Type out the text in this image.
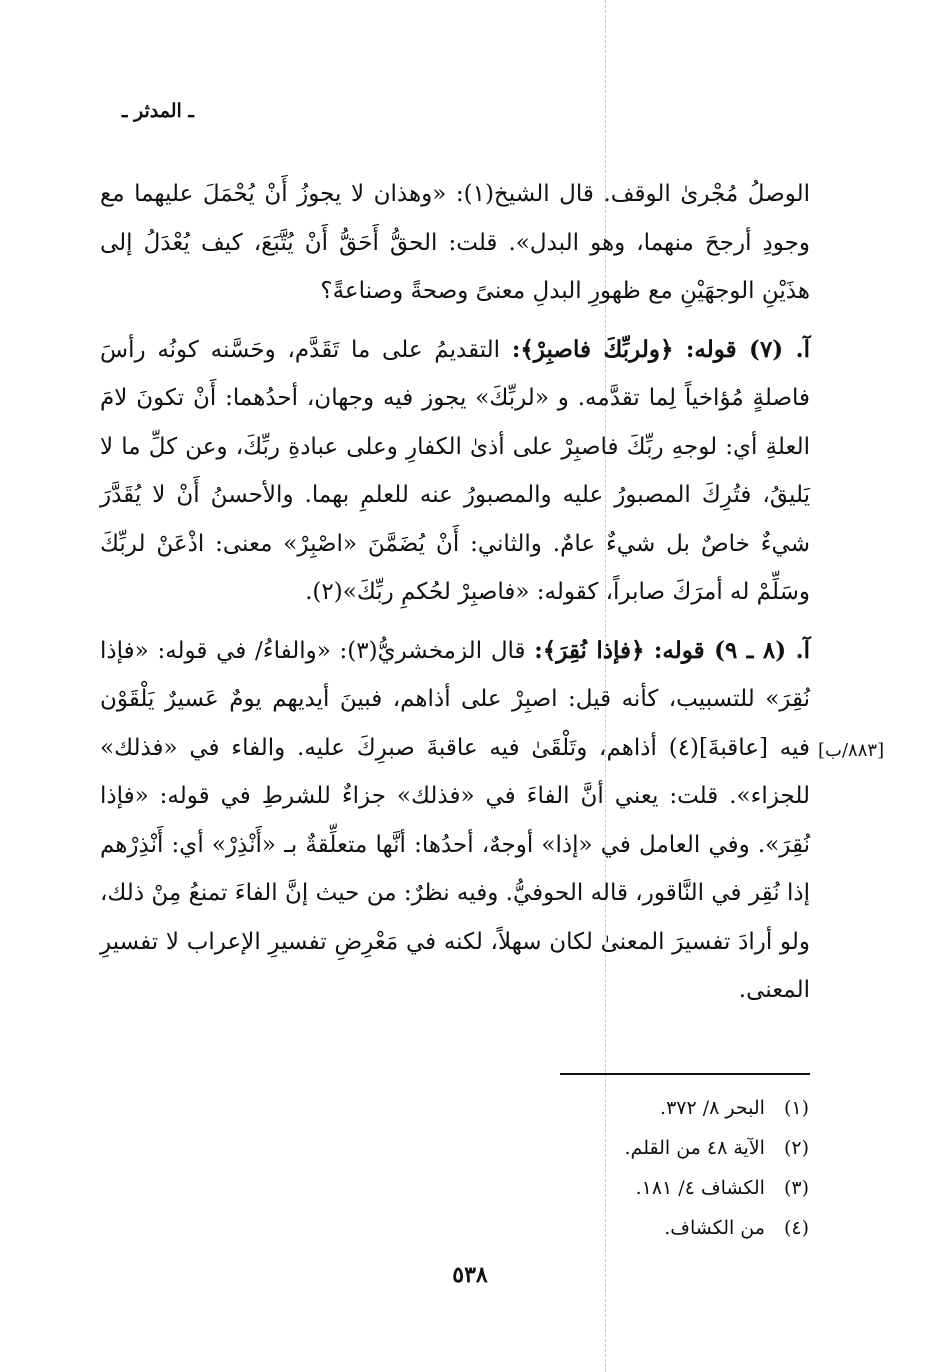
ـ المدثر ـ

الوصلُ مُجْرىٰ الوقف. قال الشيخ(١): «وهذان لا يجوزُ أَنْ يُحْمَلَ عليهما مع وجودِ أرجحَ منهما، وهو البدل». قلت: الحقُّ أَحَقُّ أَنْ يُتَّبَعَ، كيف يُعْدَلُ إلى هذَيْنِ الوجهَيْنِ مع ظهورِ البدلِ معنىً وصحةً وصناعةً؟

آ. (٧) قوله: ﴿ولربِّكَ فاصبِرْ﴾: التقديمُ على ما تَقَدَّم، وحَسَّنه كونُه رأسَ فاصلةٍ مُؤاخياً لِما تقدَّمه. و «لربِّكَ» يجوز فيه وجهان، أحدُهما: أَنْ تكونَ لامَ العلةِ أي: لوجهِ ربِّكَ فاصبِرْ على أذىٰ الكفارِ وعلى عبادةِ ربِّكَ، وعن كلِّ ما لا يَليقُ، فتُرِكَ المصبورُ عليه والمصبورُ عنه للعلمِ بهما. والأحسنُ أَنْ لا يُقَدَّرَ شيءٌ خاصٌ بل شيءٌ عامٌ. والثاني: أَنْ يُضَمَّنَ «اصْبِرْ» معنى: اذْعَنْ لربِّكَ وسَلِّمْ له أمرَكَ صابراً، كقوله: «فاصبِرْ لحُكمِ ربِّكَ»(٢).

آ. (٨ ـ ٩) قوله: ﴿فإذا نُقِرَ﴾: قال الزمخشريُّ(٣): «والفاءُ/ في قوله: «فإذا نُقِرَ» للتسبيب، كأنه قيل: اصبِرْ على أذاهم، فبينَ أيديهم يومٌ عَسيرٌ يَلْقَوْن فيه [عاقبةَ](٤) أذاهم، وتَلْقَىٰ فيه عاقبةَ صبرِكَ عليه. والفاء في «فذلك» للجزاء». قلت: يعني أنَّ الفاءَ في «فذلك» جزاءٌ للشرطِ في قوله: «فإذا نُقِرَ». وفي العامل في «إذا» أوجهٌ، أحدُها: أنَّها متعلِّقةٌ بـ «أَنْذِرْ» أي: أَنْذِرْهم إذا نُقِر في النَّاقور، قاله الحوفيُّ. وفيه نظرٌ: من حيث إنَّ الفاءَ تمنعُ مِنْ ذلك، ولو أرادَ تفسيرَ المعنىٰ لكان سهلاً، لكنه في مَعْرِضِ تفسيرِ الإعراب لا تفسيرِ المعنى.

[٨٨٣/ب]
(١) البحر ٨/ ٣٧٢.
(٢) الآية ٤٨ من القلم.
(٣) الكشاف ٤/ ١٨١.
(٤) من الكشاف.
٥٣٨
